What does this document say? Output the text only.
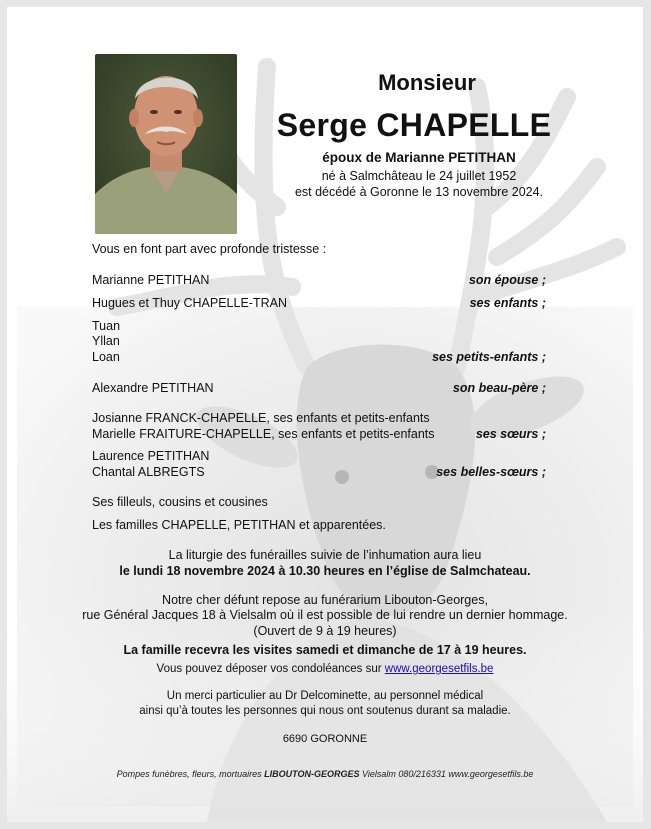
Monsieur
Serge CHAPELLE
époux de Marianne PETITHAN
né à Salmchâteau le 24 juillet 1952
est décédé à Goronne le 13 novembre 2024.
Vous en font part avec profonde tristesse :
Marianne PETITHAN	son épouse ;
Hugues et Thuy CHAPELLE-TRAN	ses enfants ;
Tuan
Yllan
Loan	ses petits-enfants ;
Alexandre PETITHAN	son beau-père ;
Josianne FRANCK-CHAPELLE, ses enfants et petits-enfants
Marielle FRAITURE-CHAPELLE, ses enfants et petits-enfants	ses sœurs ;
Laurence PETITHAN
Chantal ALBREGTS	ses belles-sœurs ;
Ses filleuls, cousins et cousines
Les familles CHAPELLE, PETITHAN et apparentées.
La liturgie des funérailles suivie de l’inhumation aura lieu
le lundi 18 novembre 2024 à 10.30 heures en l’église de Salmchateau.
Notre cher défunt repose au funérarium Libouton-Georges,
rue Général Jacques 18 à Vielsalm où il est possible de lui rendre un dernier hommage.
(Ouvert de 9 à 19 heures)
La famille recevra les visites samedi et dimanche de 17 à 19 heures.
Vous pouvez déposer vos condoléances sur www.georgesetfils.be
Un merci particulier au Dr Delcominette, au personnel médical
ainsi qu’à toutes les personnes qui nous ont soutenus durant sa maladie.
6690 GORONNE
Pompes funèbres, fleurs, mortuaires LIBOUTON-GEORGES Vielsalm 080/216331 www.georgesetfils.be
